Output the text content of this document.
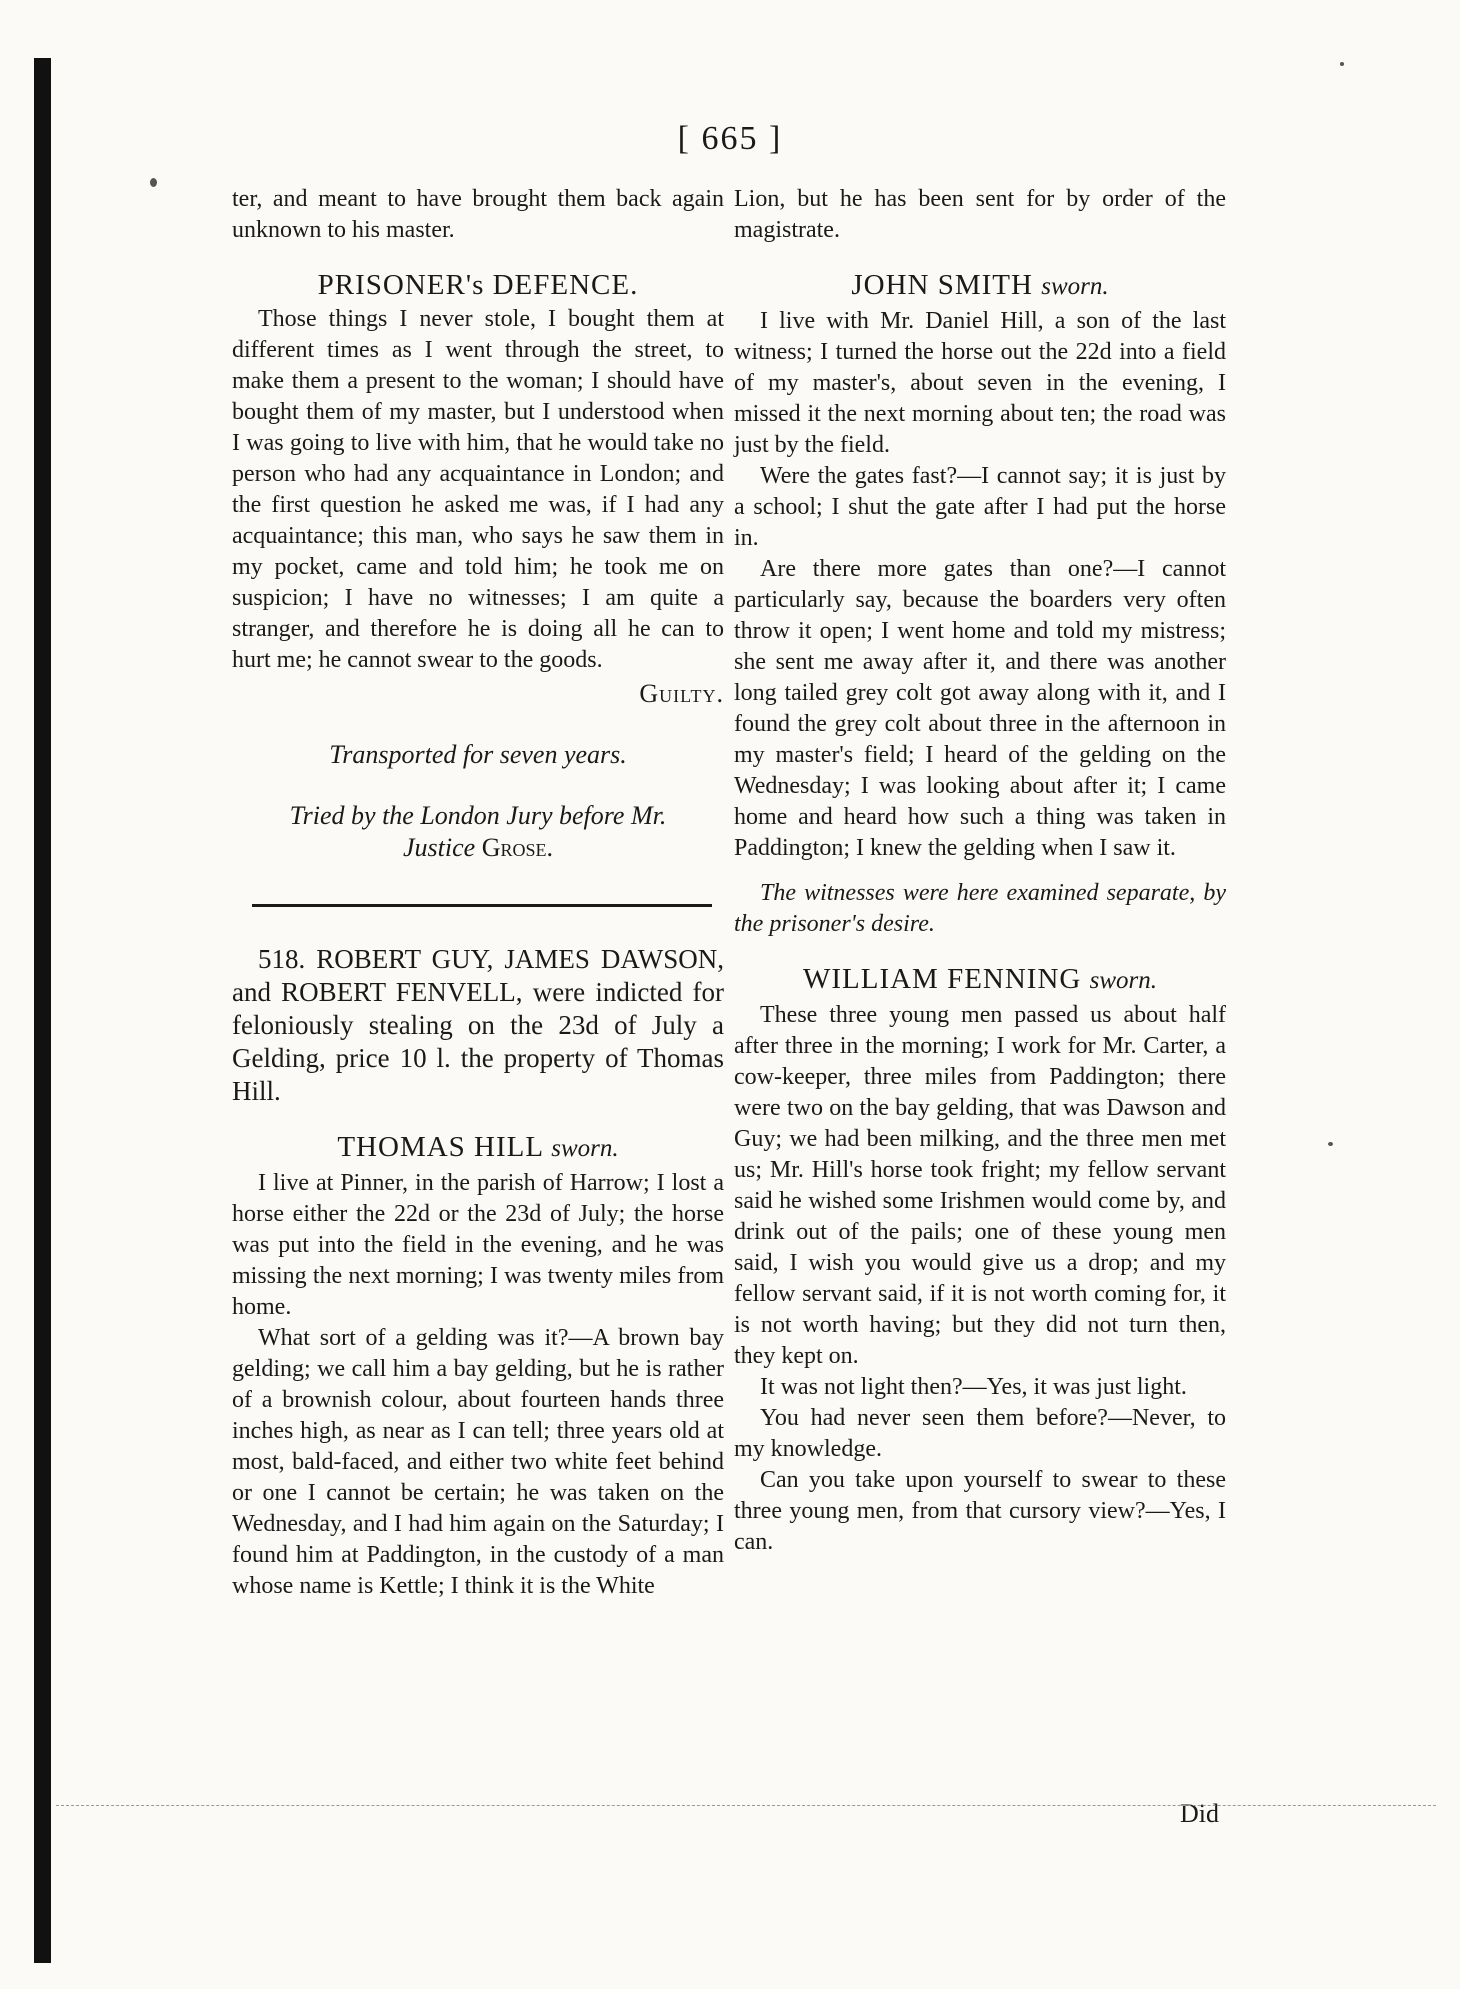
[ 665 ]

ter, and meant to have brought them back again unknown to his master.

PRISONER's DEFENCE.

Those things I never stole, I bought them at different times as I went through the street, to make them a present to the woman; I should have bought them of my master, but I understood when I was going to live with him, that he would take no person who had any acquaintance in London; and the first question he asked me was, if I had any acquaintance; this man, who says he saw them in my pocket, came and told him; he took me on suspicion; I have no witnesses; I am quite a stranger, and therefore he is doing all he can to hurt me; he cannot swear to the goods.

Guilty.

Transported for seven years.

Tried by the London Jury before Mr. Justice Grose.

518. ROBERT GUY, JAMES DAWSON, and ROBERT FENVELL, were indicted for feloniously stealing on the 23d of July a Gelding, price 10 l. the property of Thomas Hill.

THOMAS HILL sworn.

I live at Pinner, in the parish of Harrow; I lost a horse either the 22d or the 23d of July; the horse was put into the field in the evening, and he was missing the next morning; I was twenty miles from home.

What sort of a gelding was it?—A brown bay gelding; we call him a bay gelding, but he is rather of a brownish colour, about fourteen hands three inches high, as near as I can tell; three years old at most, bald-faced, and either two white feet behind or one I cannot be certain; he was taken on the Wednesday, and I had him again on the Saturday; I found him at Paddington, in the custody of a man whose name is Kettle; I think it is the White

Lion, but he has been sent for by order of the magistrate.

JOHN SMITH sworn.

I live with Mr. Daniel Hill, a son of the last witness; I turned the horse out the 22d into a field of my master's, about seven in the evening, I missed it the next morning about ten; the road was just by the field.

Were the gates fast?—I cannot say; it is just by a school; I shut the gate after I had put the horse in.

Are there more gates than one?—I cannot particularly say, because the boarders very often throw it open; I went home and told my mistress; she sent me away after it, and there was another long tailed grey colt got away along with it, and I found the grey colt about three in the afternoon in my master's field; I heard of the gelding on the Wednesday; I was looking about after it; I came home and heard how such a thing was taken in Paddington; I knew the gelding when I saw it.

The witnesses were here examined separate, by the prisoner's desire.

WILLIAM FENNING sworn.

These three young men passed us about half after three in the morning; I work for Mr. Carter, a cow-keeper, three miles from Paddington; there were two on the bay gelding, that was Dawson and Guy; we had been milking, and the three men met us; Mr. Hill's horse took fright; my fellow servant said he wished some Irishmen would come by, and drink out of the pails; one of these young men said, I wish you would give us a drop; and my fellow servant said, if it is not worth coming for, it is not worth having; but they did not turn then, they kept on.

It was not light then?—Yes, it was just light.

You had never seen them before?—Never, to my knowledge.

Can you take upon yourself to swear to these three young men, from that cursory view?—Yes, I can.

Did
